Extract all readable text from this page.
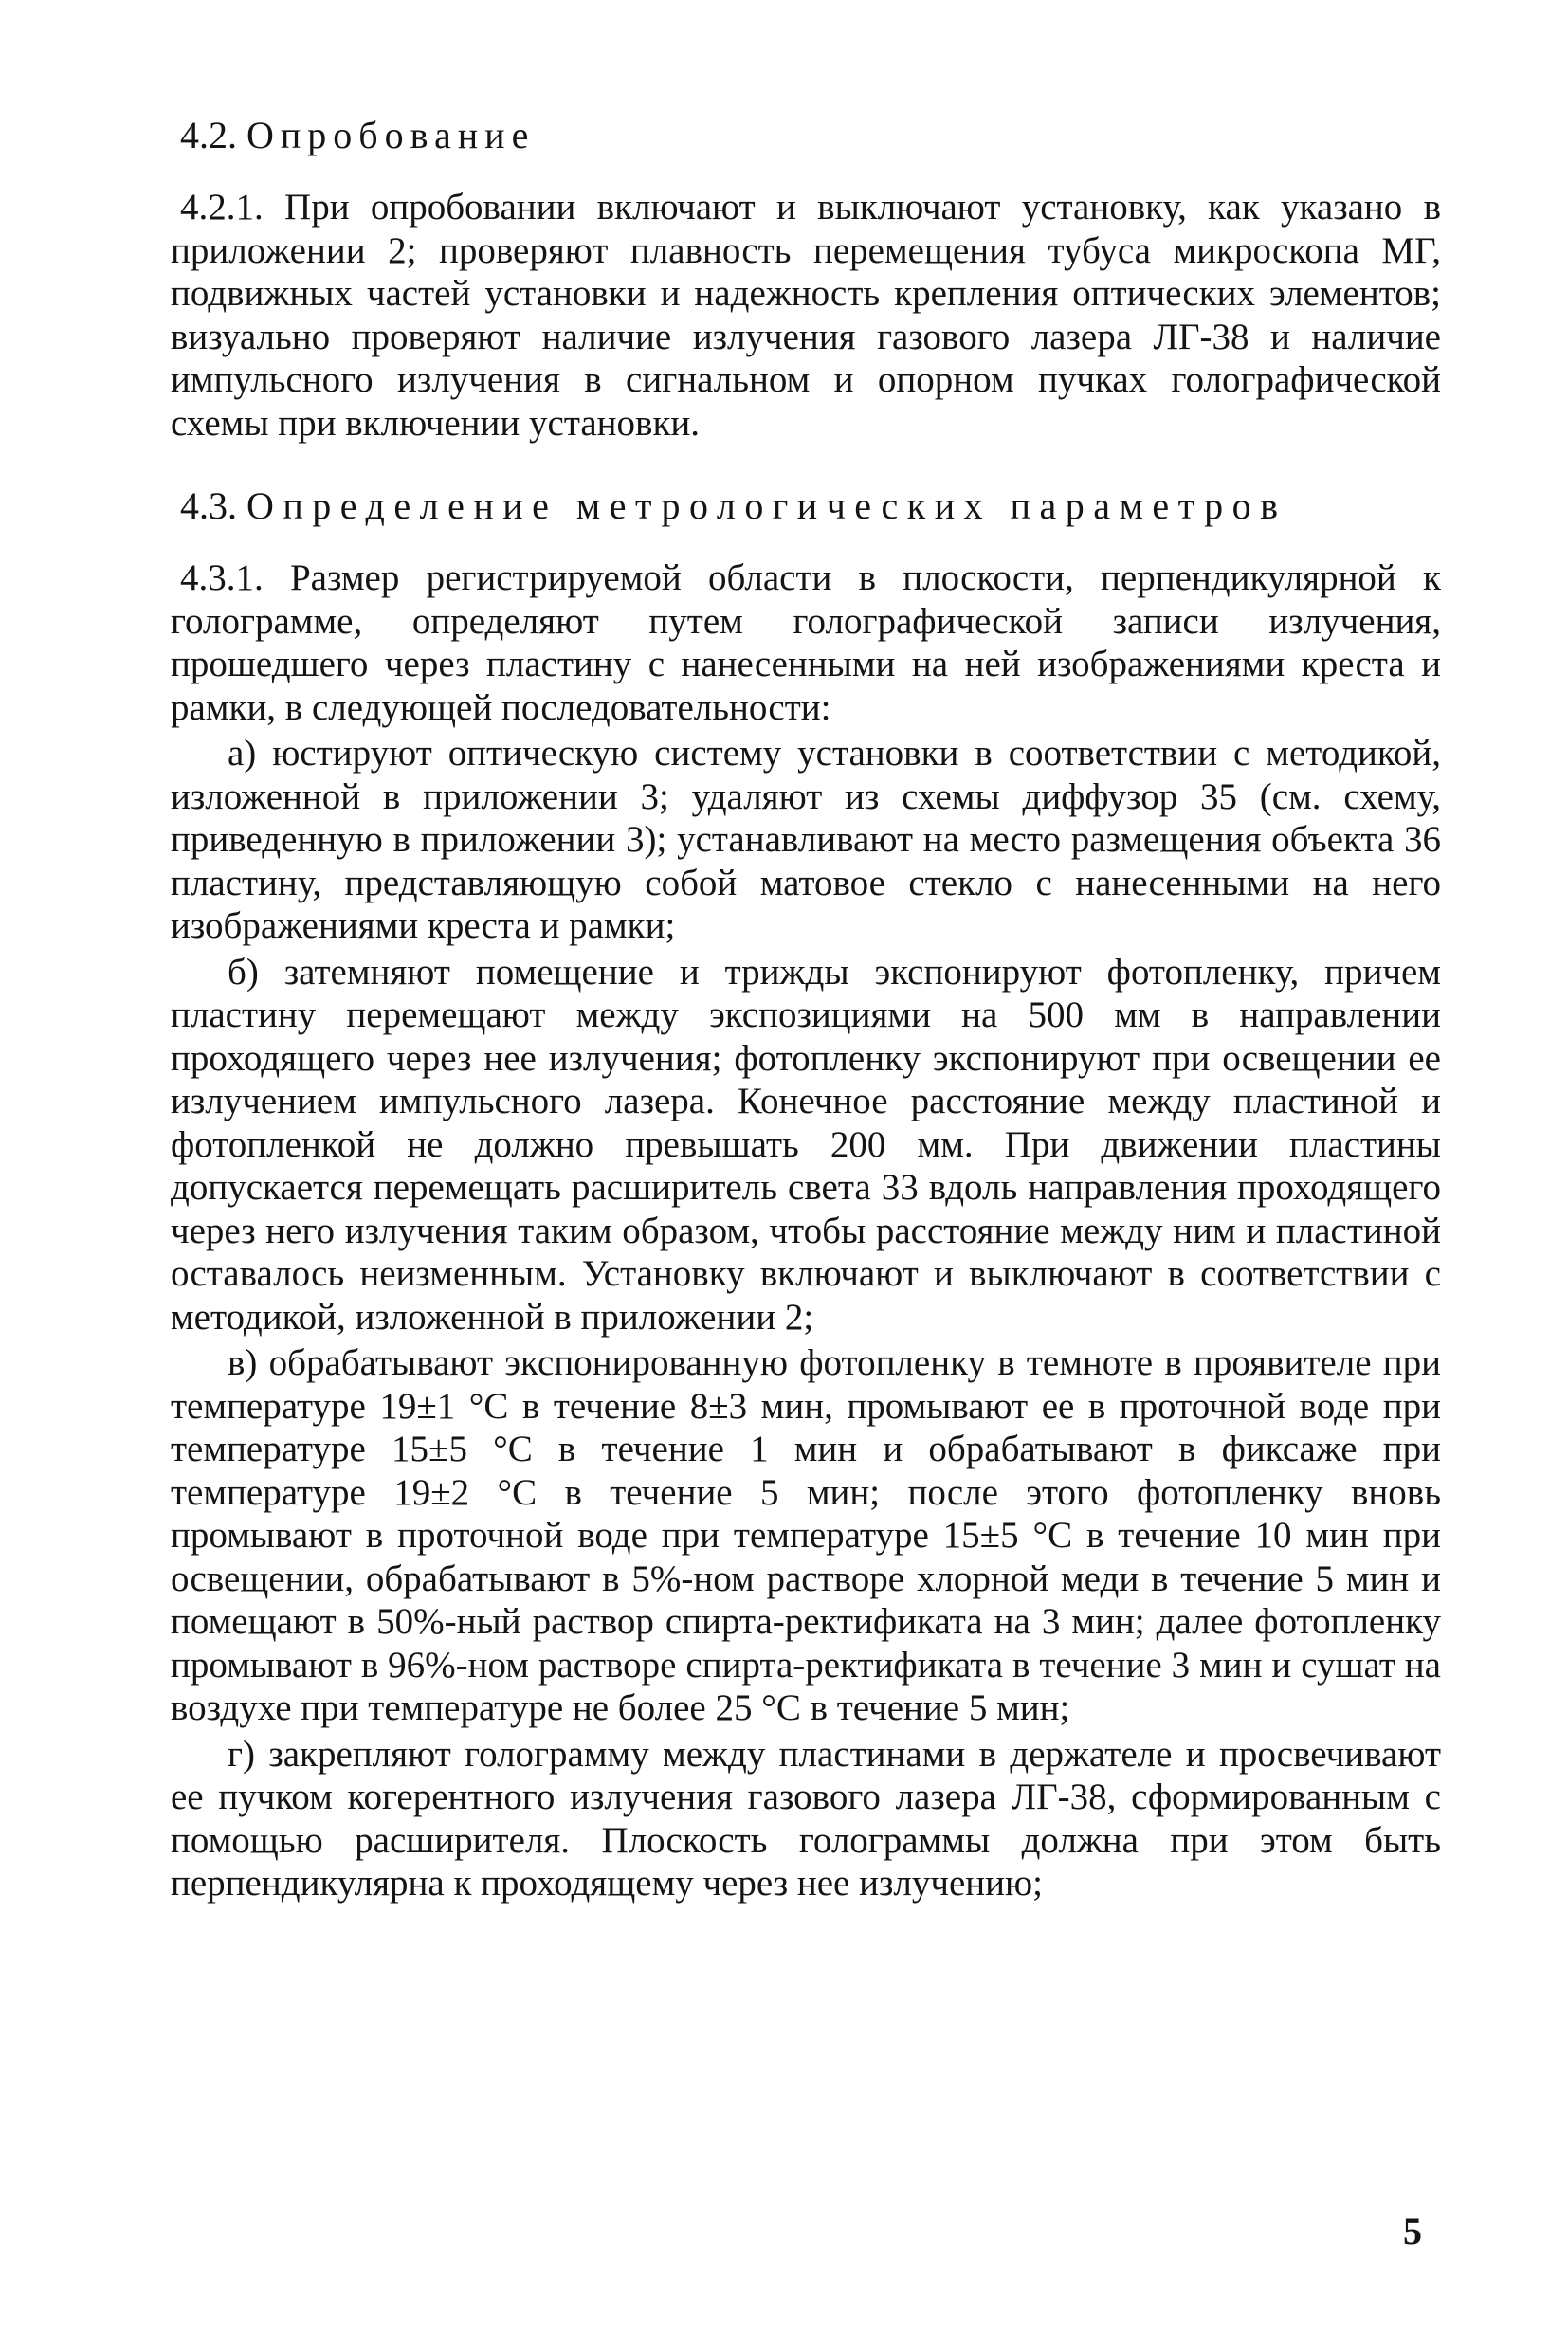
4.2. Опробование

4.2.1. При опробовании включают и выключают установку, как указано в приложении 2; проверяют плавность перемещения тубуса микроскопа МГ, подвижных частей установки и надежность крепления оптических элементов; визуально проверяют наличие излучения газового лазера ЛГ-38 и наличие импульсного излучения в сигнальном и опорном пучках голографической схемы при включении установки.

4.3. Определение метрологических параметров

4.3.1. Размер регистрируемой области в плоскости, перпендикулярной к голограмме, определяют путем голографической записи излучения, прошедшего через пластину с нанесенными на ней изображениями креста и рамки, в следующей последовательности:

а) юстируют оптическую систему установки в соответствии с методикой, изложенной в приложении 3; удаляют из схемы диффузор 35 (см. схему, приведенную в приложении 3); устанавливают на место размещения объекта 36 пластину, представляющую собой матовое стекло с нанесенными на него изображениями креста и рамки;

б) затемняют помещение и трижды экспонируют фотопленку, причем пластину перемещают между экспозициями на 500 мм в направлении проходящего через нее излучения; фотопленку экспонируют при освещении ее излучением импульсного лазера. Конечное расстояние между пластиной и фотопленкой не должно превышать 200 мм. При движении пластины допускается перемещать расширитель света 33 вдоль направления проходящего через него излучения таким образом, чтобы расстояние между ним и пластиной оставалось неизменным. Установку включают и выключают в соответствии с методикой, изложенной в приложении 2;

в) обрабатывают экспонированную фотопленку в темноте в проявителе при температуре 19±1 °С в течение 8±3 мин, промывают ее в проточной воде при температуре 15±5 °С в течение 1 мин и обрабатывают в фиксаже при температуре 19±2 °С в течение 5 мин; после этого фотопленку вновь промывают в проточной воде при температуре 15±5 °С в течение 10 мин при освещении, обрабатывают в 5%-ном растворе хлорной меди в течение 5 мин и помещают в 50%-ный раствор спирта-ректификата на 3 мин; далее фотопленку промывают в 96%-ном растворе спирта-ректификата в течение 3 мин и сушат на воздухе при температуре не более 25 °С в течение 5 мин;

г) закрепляют голограмму между пластинами в держателе и просвечивают ее пучком когерентного излучения газового лазера ЛГ-38, сформированным с помощью расширителя. Плоскость голограммы должна при этом быть перпендикулярна к проходящему через нее излучению;

5
